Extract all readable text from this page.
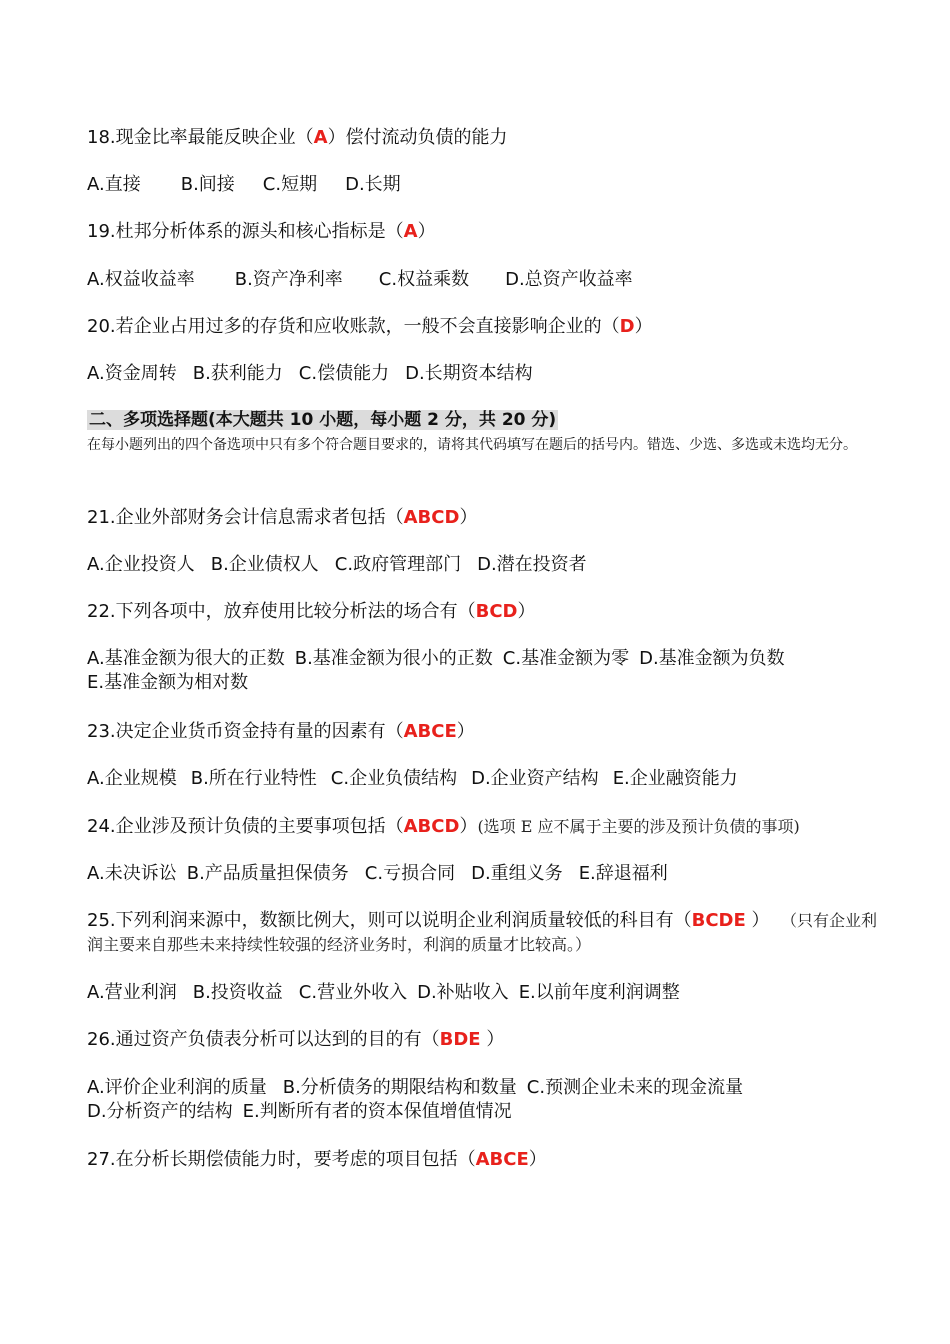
18.现金比率最能反映企业（A）偿付流动负债的能力
A.直接 B.间接 C.短期 D.长期
19.杜邦分析体系的源头和核心指标是（A）
A.权益收益率 B.资产净利率 C.权益乘数 D.总资产收益率
20.若企业占用过多的存货和应收账款，一般不会直接影响企业的（D）
A.资金周转 B.获利能力 C.偿债能力 D.长期资本结构
二、多项选择题(本大题共 10 小题，每小题 2 分，共 20 分)
在每小题列出的四个备选项中只有多个符合题目要求的，请将其代码填写在题后的括号内。错选、少选、多选或未选均无分。
21.企业外部财务会计信息需求者包括（ABCD）
A.企业投资人 B.企业债权人 C.政府管理部门 D.潜在投资者
22.下列各项中，放弃使用比较分析法的场合有（BCD）
A.基准金额为很大的正数 B.基准金额为很小的正数 C.基准金额为零 D.基准金额为负数E.基准金额为相对数
23.决定企业货币资金持有量的因素有（ABCE）
A.企业规模 B.所在行业特性 C.企业负债结构 D.企业资产结构 E.企业融资能力
24.企业涉及预计负债的主要事项包括（ABCD）(选项 E 应不属于主要的涉及预计负债的事项)
A.未决诉讼 B.产品质量担保债务 C.亏损合同 D.重组义务 E.辞退福利
25.下列利润来源中，数额比例大，则可以说明企业利润质量较低的科目有（BCDE ） （只有企业利润主要来自那些未来持续性较强的经济业务时，利润的质量才比较高。）
A.营业利润 B.投资收益 C.营业外收入 D.补贴收入 E.以前年度利润调整
26.通过资产负债表分析可以达到的目的有（BDE ）
A.评价企业利润的质量 B.分析债务的期限结构和数量 C.预测企业未来的现金流量D.分析资产的结构 E.判断所有者的资本保值增值情况
27.在分析长期偿债能力时，要考虑的项目包括（ABCE）
